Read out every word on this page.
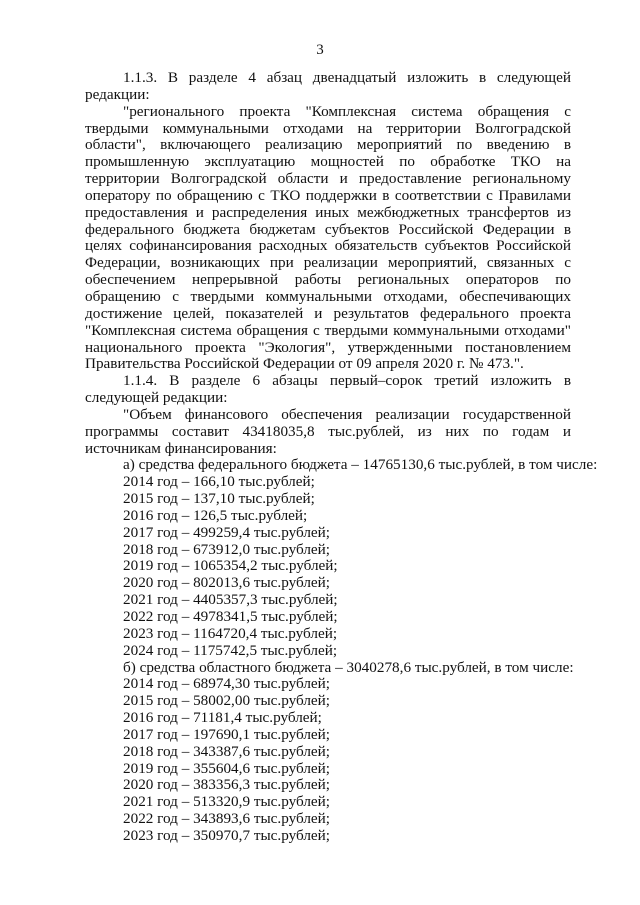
3

1.1.3. В разделе 4 абзац двенадцатый изложить в следующей редакции:

"регионального проекта "Комплексная система обращения с твердыми коммунальными отходами на территории Волгоградской области", включающего реализацию мероприятий по введению в промышленную эксплуатацию мощностей по обработке ТКО на территории Волгоградской области и предоставление региональному оператору по обращению с ТКО поддержки в соответствии с Правилами предоставления и распределения иных межбюджетных трансфертов из федерального бюджета бюджетам субъектов Российской Федерации в целях софинансирования расходных обязательств субъектов Российской Федерации, возникающих при реализации мероприятий, связанных с обеспечением непрерывной работы региональных операторов по обращению с твердыми коммунальными отходами, обеспечивающих достижение целей, показателей и результатов федерального проекта "Комплексная система обращения с твердыми коммунальными отходами" национального проекта "Экология", утвержденными постановлением Правительства Российской Федерации от 09 апреля 2020 г. № 473.".

1.1.4. В разделе 6 абзацы первый–сорок третий изложить в следующей редакции:

"Объем финансового обеспечения реализации государственной программы составит 43418035,8 тыс.рублей, из них по годам и источникам финансирования:

а) средства федерального бюджета – 14765130,6 тыс.рублей, в том числе:

2014 год – 166,10 тыс.рублей;

2015 год – 137,10 тыс.рублей;

2016 год – 126,5 тыс.рублей;

2017 год – 499259,4 тыс.рублей;

2018 год – 673912,0 тыс.рублей;

2019 год – 1065354,2 тыс.рублей;

2020 год – 802013,6 тыс.рублей;

2021 год – 4405357,3 тыс.рублей;

2022 год – 4978341,5 тыс.рублей;

2023 год – 1164720,4 тыс.рублей;

2024 год – 1175742,5 тыс.рублей;

б) средства областного бюджета – 3040278,6 тыс.рублей, в том числе:

2014 год – 68974,30 тыс.рублей;

2015 год – 58002,00 тыс.рублей;

2016 год – 71181,4 тыс.рублей;

2017 год – 197690,1 тыс.рублей;

2018 год – 343387,6 тыс.рублей;

2019 год – 355604,6 тыс.рублей;

2020 год – 383356,3 тыс.рублей;

2021 год – 513320,9 тыс.рублей;

2022 год – 343893,6 тыс.рублей;

2023 год – 350970,7 тыс.рублей;
